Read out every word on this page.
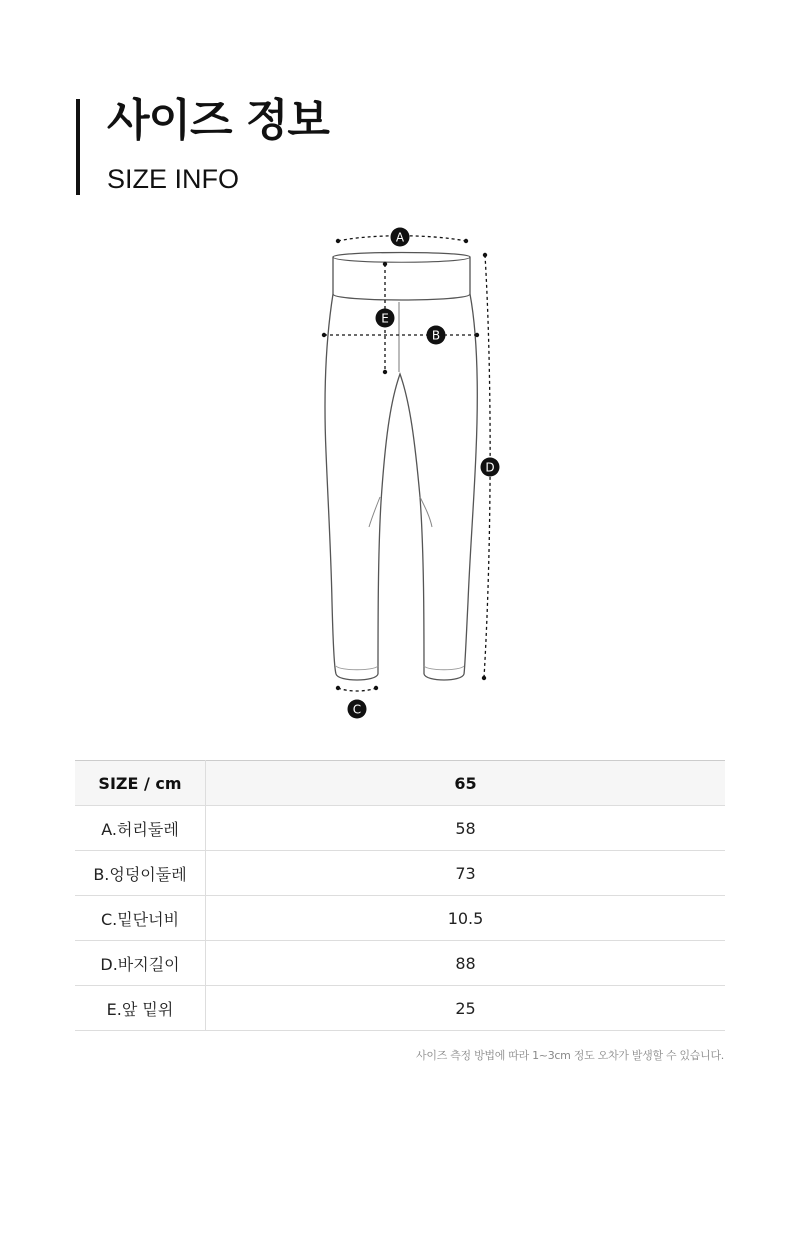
사이즈 정보
SIZE INFO
A
E
B
D
C
SIZE / cm	65
A.허리둘레	58
B.엉덩이둘레	73
C.밑단너비	10.5
D.바지길이	88
E.앞 밑위	25
사이즈 측정 방법에 따라 1~3cm 정도 오차가 발생할 수 있습니다.
